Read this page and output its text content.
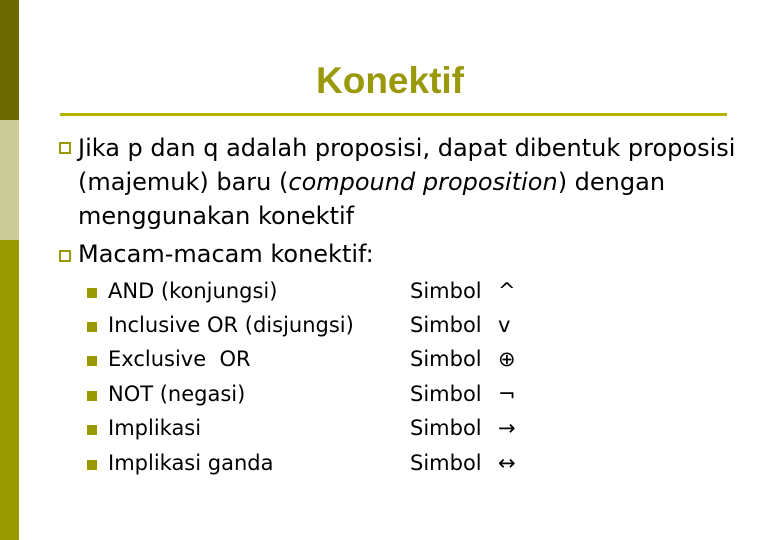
Konektif
Jika p dan q adalah proposisi, dapat dibentuk proposisi (majemuk) baru (compound proposition) dengan menggunakan konektif
Macam-macam konektif:
AND (konjungsi)	Simbol ^
Inclusive OR (disjungsi)	Simbol v
Exclusive  OR	Simbol ⊕
NOT (negasi)	Simbol ¬
Implikasi	Simbol →
Implikasi ganda	Simbol ↔
